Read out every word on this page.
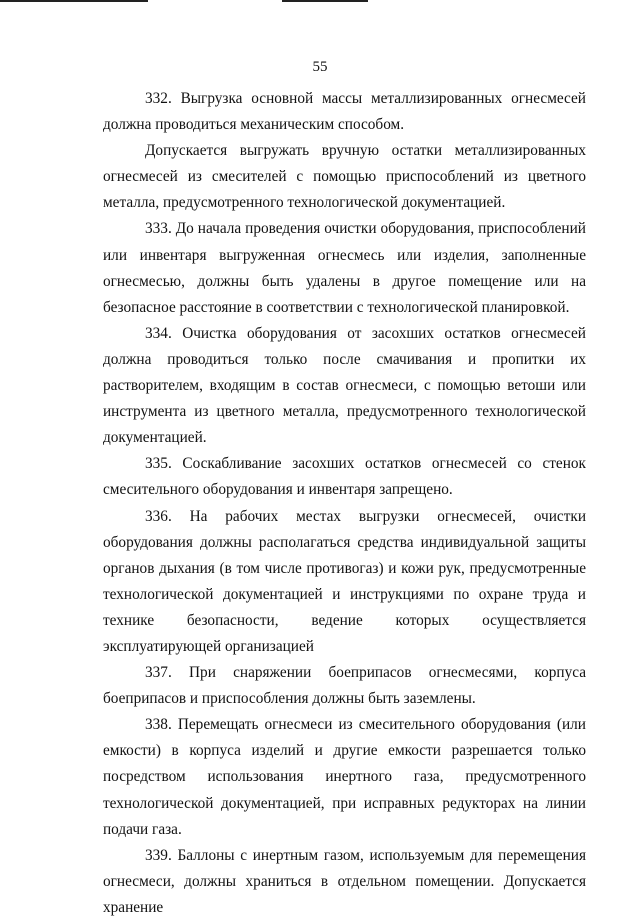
55

332. Выгрузка основной массы металлизированных огнесмесей должна проводиться механическим способом.

Допускается выгружать вручную остатки металлизированных огнесмесей из смесителей с помощью приспособлений из цветного металла, предусмотренного технологической документацией.

333. До начала проведения очистки оборудования, приспособлений или инвентаря выгруженная огнесмесь или изделия, заполненные огнесмесью, должны быть удалены в другое помещение или на безопасное расстояние в соответствии с технологической планировкой.

334. Очистка оборудования от засохших остатков огнесмесей должна проводиться только после смачивания и пропитки их растворителем, входящим в состав огнесмеси, с помощью ветоши или инструмента из цветного металла, предусмотренного технологической документацией.

335. Соскабливание засохших остатков огнесмесей со стенок смесительного оборудования и инвентаря запрещено.

336. На рабочих местах выгрузки огнесмесей, очистки оборудования должны располагаться средства индивидуальной защиты органов дыхания (в том числе противогаз) и кожи рук, предусмотренные технологической документацией и инструкциями по охране труда и технике безопасности, ведение которых осуществляется эксплуатирующей организацией

337. При снаряжении боеприпасов огнесмесями, корпуса боеприпасов и приспособления должны быть заземлены.

338. Перемещать огнесмеси из смесительного оборудования (или емкости) в корпуса изделий и другие емкости разрешается только посредством использования инертного газа, предусмотренного технологической документацией, при исправных редукторах на линии подачи газа.

339. Баллоны с инертным газом, используемым для перемещения огнесмеси, должны храниться в отдельном помещении. Допускается хранение
